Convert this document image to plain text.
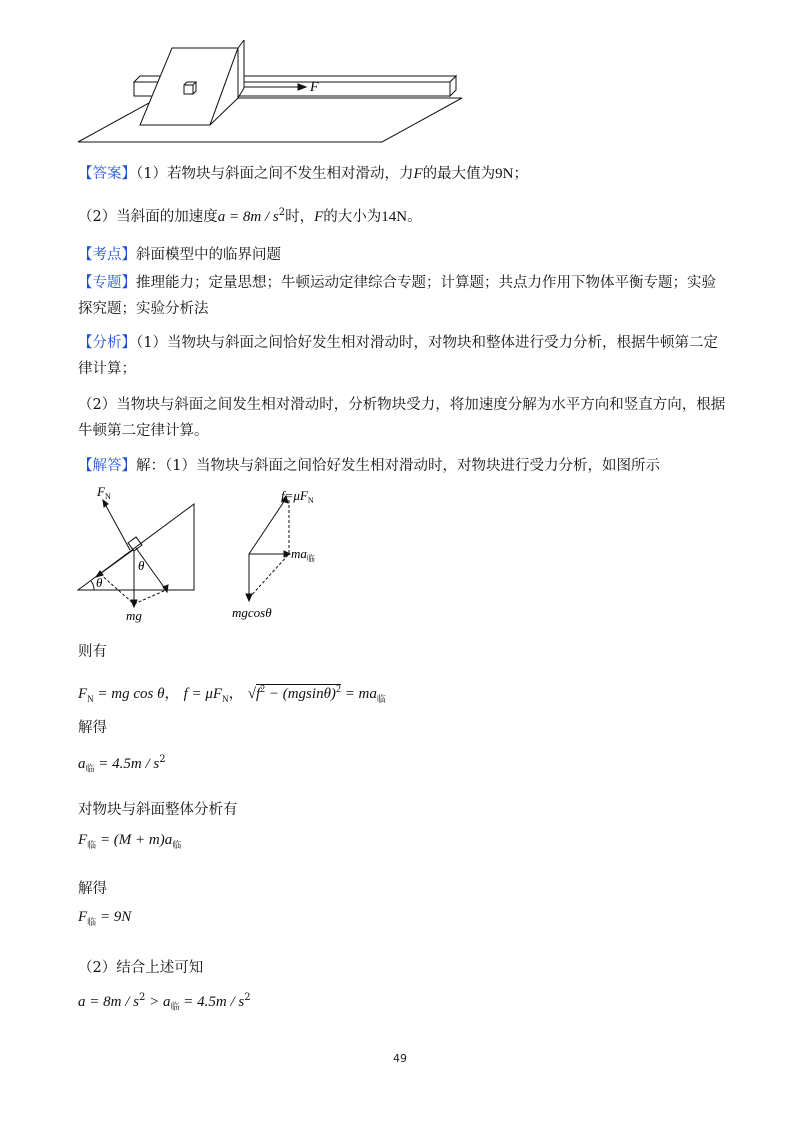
F
【答案】（1）若物块与斜面之间不发生相对滑动，力F的最大值为9N；
（2）当斜面的加速度$a = 8m / s^2$时，F的大小为14N。
【考点】斜面模型中的临界问题
【专题】推理能力；定量思想；牛顿运动定律综合专题；计算题；共点力作用下物体平衡专题；实验探究题；实验分析法
【分析】（1）当物块与斜面之间恰好发生相对滑动时，对物块和整体进行受力分析，根据牛顿第二定律计算；
（2）当物块与斜面之间发生相对滑动时，分析物块受力，将加速度分解为水平方向和竖直方向，根据牛顿第二定律计算。
【解答】解：（1）当物块与斜面之间恰好发生相对滑动时，对物块进行受力分析，如图所示
$F_N$
θ
θ
mg
$f=\mu F_N$
$ma_临$
mgcosθ
则有
$F_N$ = mg cos θ， $f = \mu F_N$， $√f^2 - (mgsin\theta)^2 = ma_临$
解得
$a_临 = 4.5m / s^2$
对物块与斜面整体分析有
$F_临 = (M + m)a_临$
解得
$F_临 = 9N$
（2）结合上述可知
$a = 8m / s^2 > a_临 = 4.5m / s^2$
49
